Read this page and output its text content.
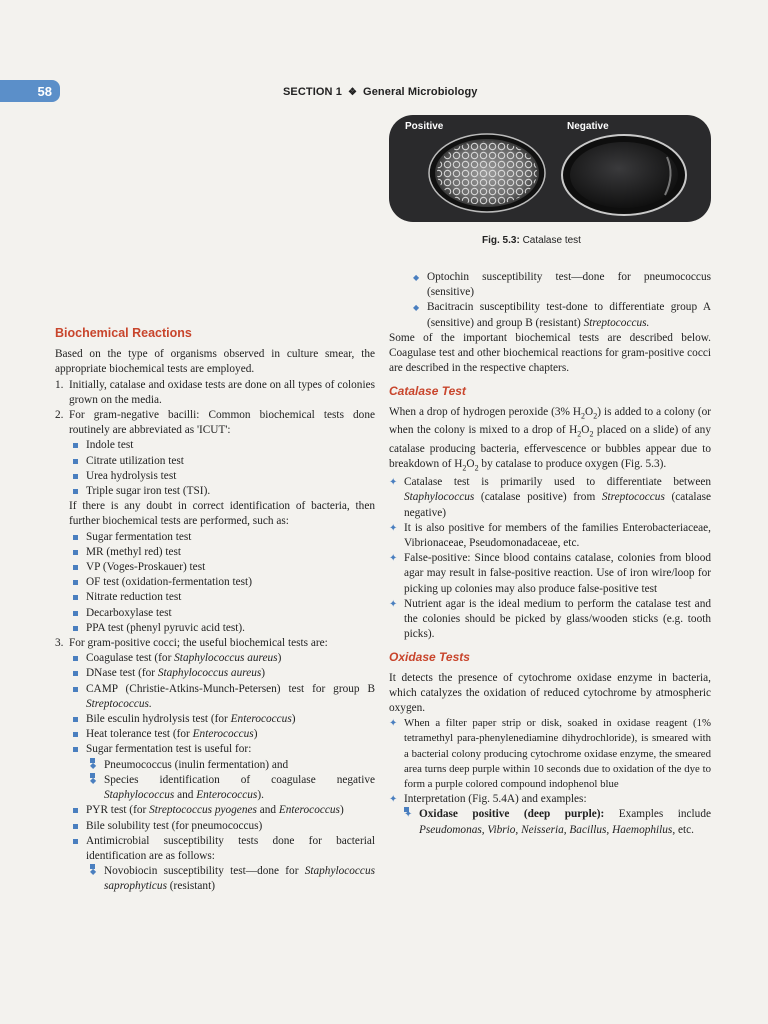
58	SECTION 1 ❖ General Microbiology
Positive	Negative
Fig. 5.3: Catalase test
Biochemical Reactions

Based on the type of organisms observed in culture smear, the appropriate biochemical tests are employed.

1. Initially, catalase and oxidase tests are done on all types of colonies grown on the media.
2. For gram-negative bacilli: Common biochemical tests done routinely are abbreviated as 'ICUT':
Indole test
Citrate utilization test
Urea hydrolysis test
Triple sugar iron test (TSI).

If there is any doubt in correct identification of bacteria, then further biochemical tests are performed, such as:

Sugar fermentation test
MR (methyl red) test
VP (Voges-Proskauer) test
OF test (oxidation-fermentation test)
Nitrate reduction test
Decarboxylase test
PPA test (phenyl pyruvic acid test).
3. For gram-positive cocci; the useful biochemical tests are:
Coagulase test (for Staphylococcus aureus)
DNase test (for Staphylococcus aureus)
CAMP (Christie-Atkins-Munch-Petersen) test for group B Streptococcus.
Bile esculin hydrolysis test (for Enterococcus)
Heat tolerance test (for Enterococcus)
Sugar fermentation test is useful for:
◆ Pneumococcus (inulin fermentation) and
◆ Species identification of coagulase negative Staphylococcus and Enterococcus).
PYR test (for Streptococcus pyogenes and Enterococcus)
Bile solubility test (for pneumococcus)
Antimicrobial susceptibility tests done for bacterial identification are as follows:
◆ Novobiocin susceptibility test—done for Staphylococcus saprophyticus (resistant)
◆ Optochin susceptibility test—done for pneumococcus (sensitive)
◆ Bacitracin susceptibility test-done to differentiate group A (sensitive) and group B (resistant) Streptococcus.

Some of the important biochemical tests are described below. Coagulase test and other biochemical reactions for gram-positive cocci are described in the respective chapters.

Catalase Test

When a drop of hydrogen peroxide (3% $H_2O_2$) is added to a colony (or when the colony is mixed to a drop of $H_2O_2$ placed on a slide) of any catalase producing bacteria, effervescence or bubbles appear due to breakdown of $H_2O_2$ by catalase to produce oxygen (Fig. 5.3).

✦ Catalase test is primarily used to differentiate between Staphylococcus (catalase positive) from Streptococcus (catalase negative)
✦ It is also positive for members of the families Enterobacteriaceae, Vibrionaceae, Pseudomonadaceae, etc.
✦ False-positive: Since blood contains catalase, colonies from blood agar may result in false-positive reaction. Use of iron wire/loop for picking up colonies may also produce false-positive test
✦ Nutrient agar is the ideal medium to perform the catalase test and the colonies should be picked by glass/wooden sticks (e.g. tooth picks).
Oxidase Tests

It detects the presence of cytochrome oxidase enzyme in bacteria, which catalyzes the oxidation of reduced cytochrome by atmospheric oxygen.

✦ When a filter paper strip or disk, soaked in oxidase reagent (1% tetramethyl para-phenylenediamine dihydrochloride), is smeared with a bacterial colony producing cytochrome oxidase enzyme, the smeared area turns deep purple within 10 seconds due to oxidation of the dye to form a purple colored compound indophenol blue
✦ Interpretation (Fig. 5.4A) and examples:
✦ Oxidase positive (deep purple): Examples include Pseudomonas, Vibrio, Neisseria, Bacillus, Haemophilus, etc.
